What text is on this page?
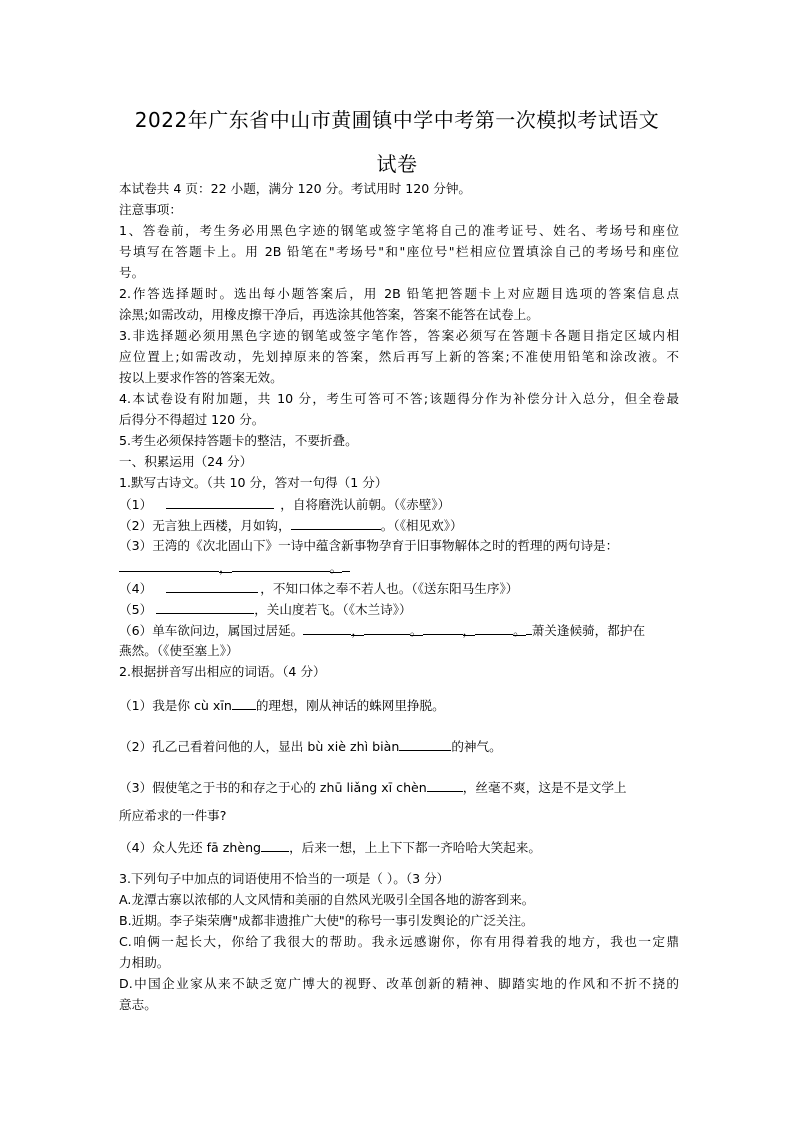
2022年广东省中山市黄圃镇中学中考第一次模拟考试语文
试卷
本试卷共 4 页：22 小题，满分 120 分。考试用时 120 分钟。
注意事项：
1、答卷前，考生务必用黑色字迹的钢笔或签字笔将自己的准考证号、姓名、考场号和座位
号填写在答题卡上。用 2B 铅笔在"考场号"和"座位号"栏相应位置填涂自己的考场号和座位
号。
2.作答选择题时。选出每小题答案后，用 2B 铅笔把答题卡上对应题目选项的答案信息点
涂黑;如需改动，用橡皮擦干净后，再选涂其他答案，答案不能答在试卷上。
3.非选择题必须用黑色字迹的钢笔或签字笔作答，答案必须写在答题卡各题目指定区域内相
应位置上;如需改动，先划掉原来的答案，然后再写上新的答案;不准使用铅笔和涂改液。不
按以上要求作答的答案无效。
4.本试卷设有附加题，共 10 分，考生可答可不答;该题得分作为补偿分计入总分，但全卷最
后得分不得超过 120 分。
5.考生必须保持答题卡的整洁，不要折叠。
一、积累运用（24 分）
1.默写古诗文。（共 10 分，答对一句得（1 分）
（1）	，自将磨洗认前朝。（《赤壁》）
（2）无言独上西楼，月如钩，	。（《相见欢》）
（3）王湾的《次北固山下》一诗中蕴含新事物孕育于旧事物解体之时的哲理的两句诗是：
，	。
（4）	，不知口体之奉不若人也。（《送东阳马生序》）
（5）	，关山度若飞。（《木兰诗》）
（6）单车欲问边，属国过居延。	，	。	，	。 萧关逢候骑，都护在
燕然。（《使至塞上》）
2.根据拼音写出相应的词语。（4 分）
（1）我是你 cù xīn 的理想，刚从神话的蛛网里挣脱。
（2）孔乙己看着问他的人，显出 bù xiè zhì biàn	的神气。
（3）假使笔之于书的和存之于心的 zhū liǎng xī chèn	，丝毫不爽，这是不是文学上
所应希求的一件事?
（4）众人先还 fā zhèng ，后来一想，上上下下都一齐哈哈大笑起来。
3.下列句子中加点的词语使用不恰当的一项是（ ）。（3 分）
A.龙潭古寨以浓郁的人文风情和美丽的自然风光吸引全国各地的游客到来。
B.近期。李子柒荣膺"成都非遗推广大使"的称号一事引发舆论的广泛关注。
C.咱俩一起长大，你给了我很大的帮助。我永远感谢你，你有用得着我的地方，我也一定鼎
力相助。
D.中国企业家从来不缺乏宽广博大的视野、改革创新的精神、脚踏实地的作风和不折不挠的
意志。
